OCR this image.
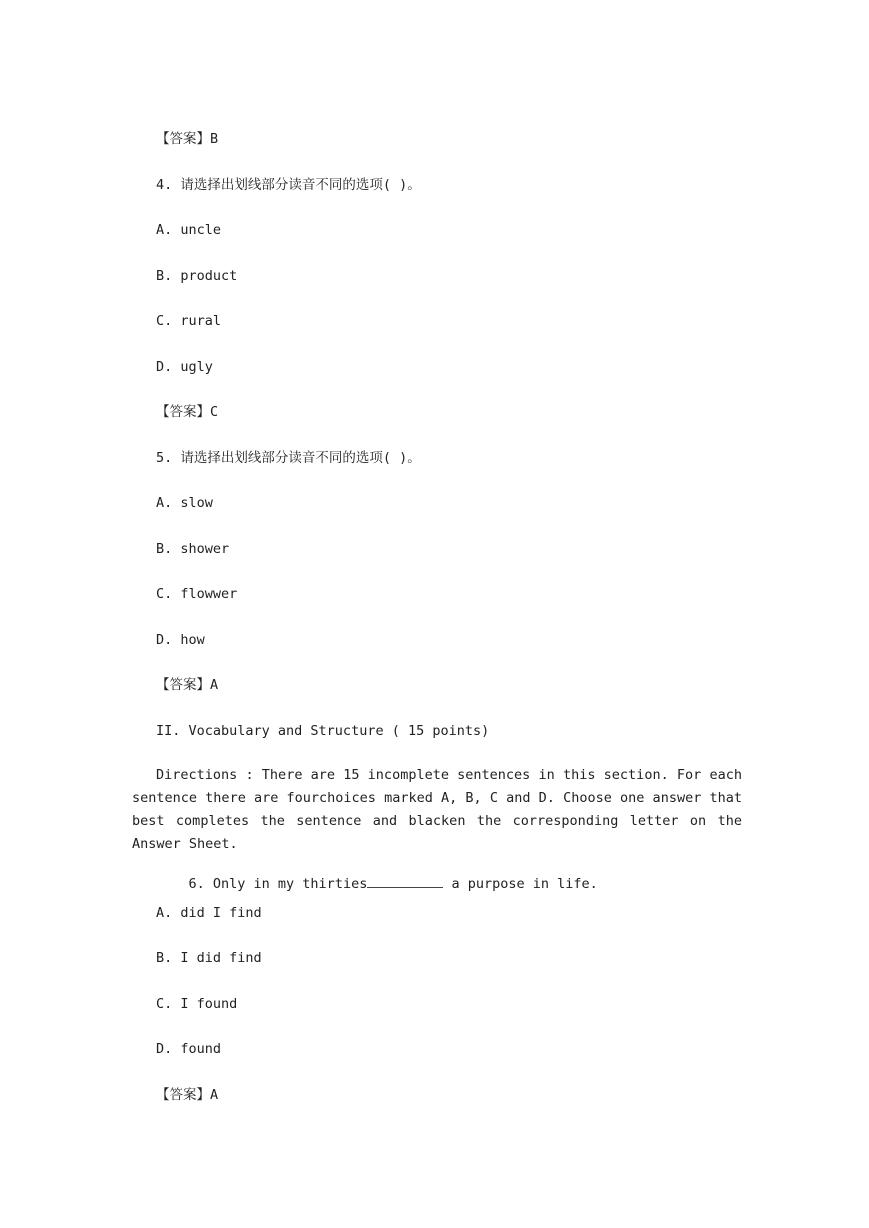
【答案】B
4. 请选择出划线部分读音不同的选项( )。
A. uncle
B. product
C. rural
D. ugly
【答案】C
5. 请选择出划线部分读音不同的选项( )。
A. slow
B. shower
C. flowwer
D. how
【答案】A
II. Vocabulary and Structure ( 15 points)
Directions : There are 15 incomplete sentences in this section. For each sentence there are fourchoices marked A, B, C and D. Choose one answer that best completes the sentence and blacken the corresponding letter on the Answer Sheet.

6. Only in my thirties	a purpose in life.

A. did I find
B. I did find
C. I found
D. found
【答案】A
